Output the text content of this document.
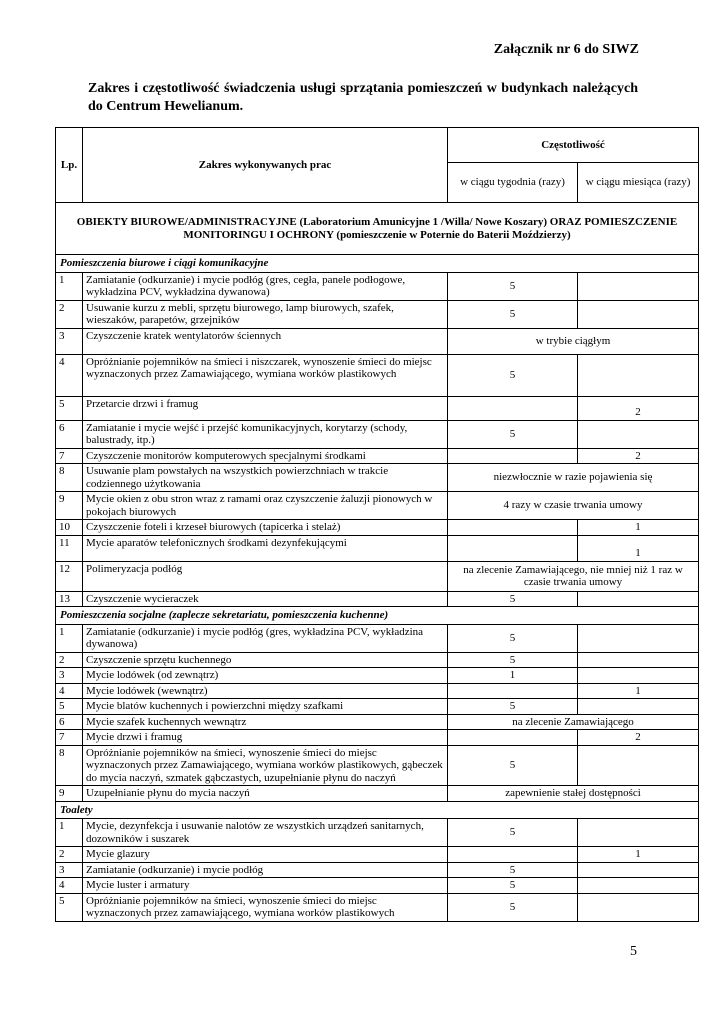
Załącznik nr 6 do SIWZ
Zakres i częstotliwość świadczenia usługi sprzątania pomieszczeń w budynkach należących do Centrum Hewelianum.
Lp.	Zakres wykonywanych prac	Częstotliwość	
		w ciągu tygodnia (razy)	w ciągu miesiąca (razy)
OBIEKTY BIUROWE/ADMINISTRACYJNE (Laboratorium Amunicyjne 1 /Willa/ Nowe Koszary) ORAZ POMIESZCZENIE MONITORINGU I OCHRONY (pomieszczenie w Poternie do Baterii Moździerzy)			
Pomieszczenia biurowe i ciągi komunikacyjne			
1	Zamiatanie (odkurzanie) i mycie podłóg (gres, cegła, panele podłogowe, wykładzina PCV, wykładzina dywanowa)	5	
2	Usuwanie kurzu z mebli, sprzętu biurowego, lamp biurowych, szafek, wieszaków, parapetów, grzejników	5	
3	Czyszczenie kratek wentylatorów ściennych	w trybie ciągłym	
4	Opróżnianie pojemników na śmieci i niszczarek, wynoszenie śmieci do miejsc wyznaczonych przez Zamawiającego, wymiana worków plastikowych	5	
5	Przetarcie drzwi i framug		2
6	Zamiatanie i mycie wejść i przejść komunikacyjnych, korytarzy (schody, balustrady, itp.)	5	
7	Czyszczenie monitorów komputerowych specjalnymi środkami		2
8	Usuwanie plam powstałych na wszystkich powierzchniach w trakcie codziennego użytkowania	niezwłocznie w razie pojawienia się	
9	Mycie okien z obu stron wraz z ramami oraz czyszczenie żaluzji pionowych w pokojach biurowych	4 razy w czasie trwania umowy	
10	Czyszczenie foteli i krzeseł biurowych (tapicerka i stelaż)		1
11	Mycie aparatów telefonicznych środkami dezynfekującymi		1
12	Polimeryzacja podłóg	na zlecenie Zamawiającego, nie mniej niż 1 raz w czasie trwania umowy	
13	Czyszczenie wycieraczek	5	
Pomieszczenia socjalne (zaplecze sekretariatu, pomieszczenia kuchenne)			
1	Zamiatanie (odkurzanie) i mycie podłóg (gres, wykładzina PCV, wykładzina dywanowa)	5	
2	Czyszczenie sprzętu kuchennego	5	
3	Mycie lodówek (od zewnątrz)	1	
4	Mycie lodówek (wewnątrz)		1
5	Mycie blatów kuchennych i powierzchni między szafkami	5	
6	Mycie szafek kuchennych wewnątrz	na zlecenie Zamawiającego	
7	Mycie drzwi i framug		2
8	Opróżnianie pojemników na śmieci, wynoszenie śmieci do miejsc wyznaczonych przez Zamawiającego, wymiana worków plastikowych, gąbeczek do mycia naczyń, szmatek gąbczastych, uzupełnianie płynu do naczyń	5	
9	Uzupełnianie płynu do mycia naczyń	zapewnienie stałej dostępności	
Toalety			
1	Mycie, dezynfekcja i usuwanie nalotów ze wszystkich urządzeń sanitarnych, dozowników i suszarek	5	
2	Mycie glazury		1
3	Zamiatanie (odkurzanie) i mycie podłóg	5	
4	Mycie luster i armatury	5	
5	Opróżnianie pojemników na śmieci, wynoszenie śmieci do miejsc wyznaczonych przez zamawiającego, wymiana worków plastikowych	5	
5
